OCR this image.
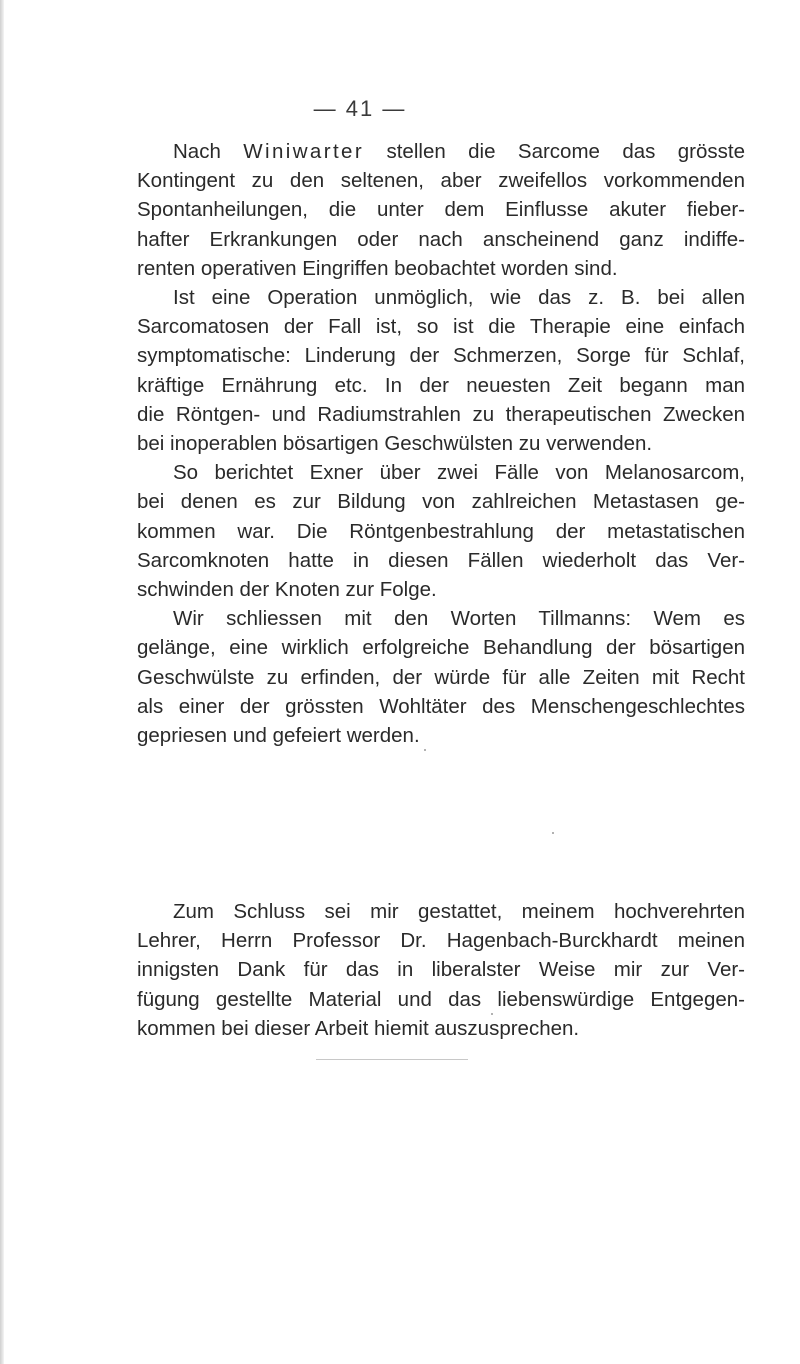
— 41 —

Nach Winiwarter stellen die Sarcome das grösste
Kontingent zu den seltenen, aber zweifellos vorkommenden
Spontanheilungen, die unter dem Einflusse akuter fieber-
hafter Erkrankungen oder nach anscheinend ganz indiffe-
renten operativen Eingriffen beobachtet worden sind.
Ist eine Operation unmöglich, wie das z. B. bei allen
Sarcomatosen der Fall ist, so ist die Therapie eine einfach
symptomatische: Linderung der Schmerzen, Sorge für Schlaf,
kräftige Ernährung etc. In der neuesten Zeit begann man
die Röntgen- und Radiumstrahlen zu therapeutischen Zwecken
bei inoperablen bösartigen Geschwülsten zu verwenden.
So berichtet Exner über zwei Fälle von Melanosarcom,
bei denen es zur Bildung von zahlreichen Metastasen ge-
kommen war. Die Röntgenbestrahlung der metastatischen
Sarcomknoten hatte in diesen Fällen wiederholt das Ver-
schwinden der Knoten zur Folge.
Wir schliessen mit den Worten Tillmanns: Wem es
gelänge, eine wirklich erfolgreiche Behandlung der bösartigen
Geschwülste zu erfinden, der würde für alle Zeiten mit Recht
als einer der grössten Wohltäter des Menschengeschlechtes
gepriesen und gefeiert werden.

Zum Schluss sei mir gestattet, meinem hochverehrten
Lehrer, Herrn Professor Dr. Hagenbach-Burckhardt meinen
innigsten Dank für das in liberalster Weise mir zur Ver-
fügung gestellte Material und das liebenswürdige Entgegen-
kommen bei dieser Arbeit hiemit auszusprechen.
